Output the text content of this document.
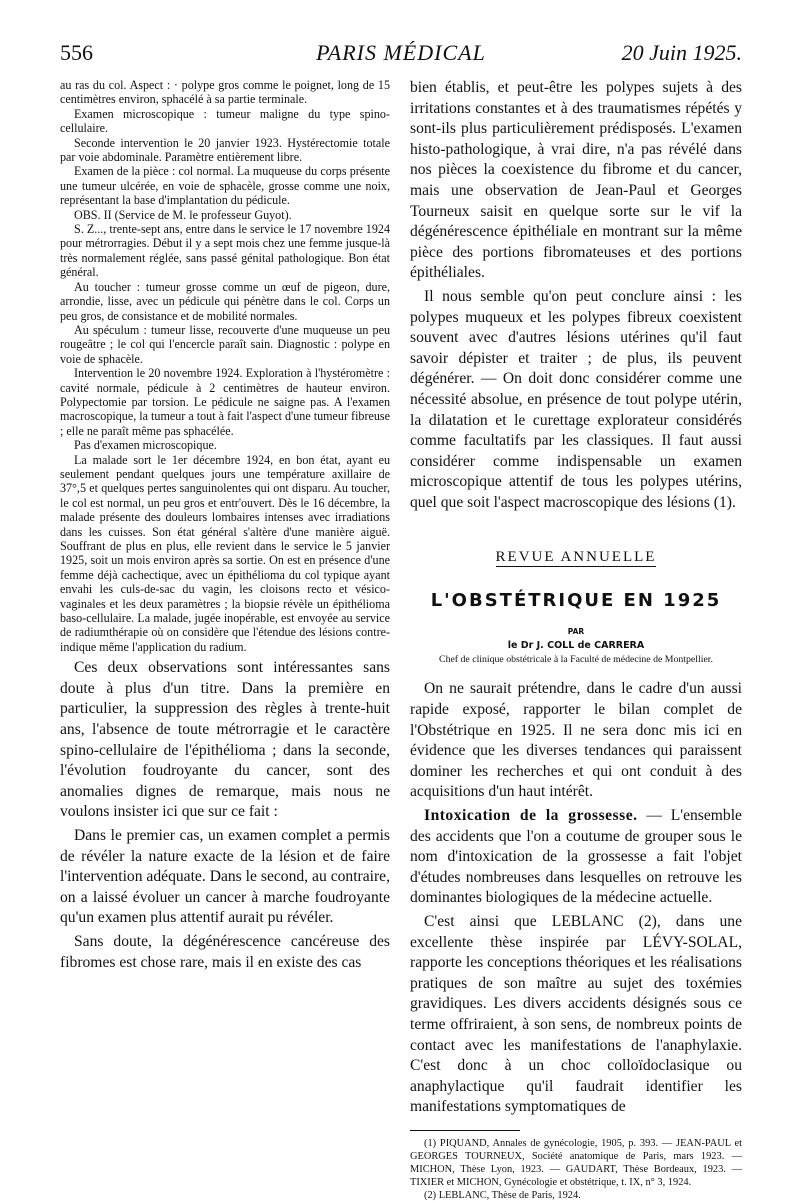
556	PARIS MÉDICAL	20 Juin 1925.

au ras du col. Aspect : · polype gros comme le poignet, long de 15 centimètres environ, sphacélé à sa partie terminale.

Examen microscopique : tumeur maligne du type spino-cellulaire.

Seconde intervention le 20 janvier 1923. Hystérectomie totale par voie abdominale. Paramètre entièrement libre.

Examen de la pièce : col normal. La muqueuse du corps présente une tumeur ulcérée, en voie de sphacèle, grosse comme une noix, représentant la base d'implantation du pédicule.

OBS. II (Service de M. le professeur Guyot).

S. Z..., trente-sept ans, entre dans le service le 17 novembre 1924 pour métrorragies. Début il y a sept mois chez une femme jusque-là très normalement réglée, sans passé génital pathologique. Bon état général.

Au toucher : tumeur grosse comme un œuf de pigeon, dure, arrondie, lisse, avec un pédicule qui pénètre dans le col. Corps un peu gros, de consistance et de mobilité normales.

Au spéculum : tumeur lisse, recouverte d'une muqueuse un peu rougeâtre ; le col qui l'encercle paraît sain. Diagnostic : polype en voie de sphacèle.

Intervention le 20 novembre 1924. Exploration à l'hystéromètre : cavité normale, pédicule à 2 centimètres de hauteur environ. Polypectomie par torsion. Le pédicule ne saigne pas. A l'examen macroscopique, la tumeur a tout à fait l'aspect d'une tumeur fibreuse ; elle ne paraît même pas sphacélée.

Pas d'examen microscopique.

La malade sort le 1er décembre 1924, en bon état, ayant eu seulement pendant quelques jours une température axillaire de 37°,5 et quelques pertes sanguinolentes qui ont disparu. Au toucher, le col est normal, un peu gros et entr'ouvert. Dès le 16 décembre, la malade présente des douleurs lombaires intenses avec irradiations dans les cuisses. Son état général s'altère d'une manière aiguë. Souffrant de plus en plus, elle revient dans le service le 5 janvier 1925, soit un mois environ après sa sortie. On est en présence d'une femme déjà cachectique, avec un épithélioma du col typique ayant envahi les culs-de-sac du vagin, les cloisons recto et vésico-vaginales et les deux paramètres ; la biopsie révèle un épithélioma baso-cellulaire. La malade, jugée inopérable, est envoyée au service de radiumthérapie où on considère que l'étendue des lésions contre-indique même l'application du radium.

Ces deux observations sont intéressantes sans doute à plus d'un titre. Dans la première en particulier, la suppression des règles à trente-huit ans, l'absence de toute métrorragie et le caractère spino-cellulaire de l'épithélioma ; dans la seconde, l'évolution foudroyante du cancer, sont des anomalies dignes de remarque, mais nous ne voulons insister ici que sur ce fait :

Dans le premier cas, un examen complet a permis de révéler la nature exacte de la lésion et de faire l'intervention adéquate. Dans le second, au contraire, on a laissé évoluer un cancer à marche foudroyante qu'un examen plus attentif aurait pu révéler.

Sans doute, la dégénérescence cancéreuse des fibromes est chose rare, mais il en existe des cas

bien établis, et peut-être les polypes sujets à des irritations constantes et à des traumatismes répétés y sont-ils plus particulièrement prédisposés. L'examen histo-pathologique, à vrai dire, n'a pas révélé dans nos pièces la coexistence du fibrome et du cancer, mais une observation de Jean-Paul et Georges Tourneux saisit en quelque sorte sur le vif la dégénérescence épithéliale en montrant sur la même pièce des portions fibromateuses et des portions épithéliales.

Il nous semble qu'on peut conclure ainsi : les polypes muqueux et les polypes fibreux coexistent souvent avec d'autres lésions utérines qu'il faut savoir dépister et traiter ; de plus, ils peuvent dégénérer. — On doit donc considérer comme une nécessité absolue, en présence de tout polype utérin, la dilatation et le curettage explorateur considérés comme facultatifs par les classiques. Il faut aussi considérer comme indispensable un examen microscopique attentif de tous les polypes utérins, quel que soit l'aspect macroscopique des lésions (1).

REVUE ANNUELLE
L'OBSTÉTRIQUE EN 1925
PAR
le Dr J. COLL de CARRERA
Chef de clinique obstétricale à la Faculté de médecine de Montpellier.

On ne saurait prétendre, dans le cadre d'un aussi rapide exposé, rapporter le bilan complet de l'Obstétrique en 1925. Il ne sera donc mis ici en évidence que les diverses tendances qui paraissent dominer les recherches et qui ont conduit à des acquisitions d'un haut intérêt.

Intoxication de la grossesse. — L'ensemble des accidents que l'on a coutume de grouper sous le nom d'intoxication de la grossesse a fait l'objet d'études nombreuses dans lesquelles on retrouve les dominantes biologiques de la médecine actuelle.

C'est ainsi que LEBLANC (2), dans une excellente thèse inspirée par LÉVY-SOLAL, rapporte les conceptions théoriques et les réalisations pratiques de son maître au sujet des toxémies gravidiques. Les divers accidents désignés sous ce terme offriraient, à son sens, de nombreux points de contact avec les manifestations de l'anaphylaxie. C'est donc à un choc colloïdoclasique ou anaphylactique qu'il faudrait identifier les manifestations symptomatiques de

(1) PIQUAND, Annales de gynécologie, 1905, p. 393. — JEAN-PAUL et GEORGES TOURNEUX, Société anatomique de Paris, mars 1923. — MICHON, Thèse Lyon, 1923. — GAUDART, Thèse Bordeaux, 1923. — TIXIER et MICHON, Gynécologie et obstétrique, t. IX, n° 3, 1924.

(2) LEBLANC, Thèse de Paris, 1924.
